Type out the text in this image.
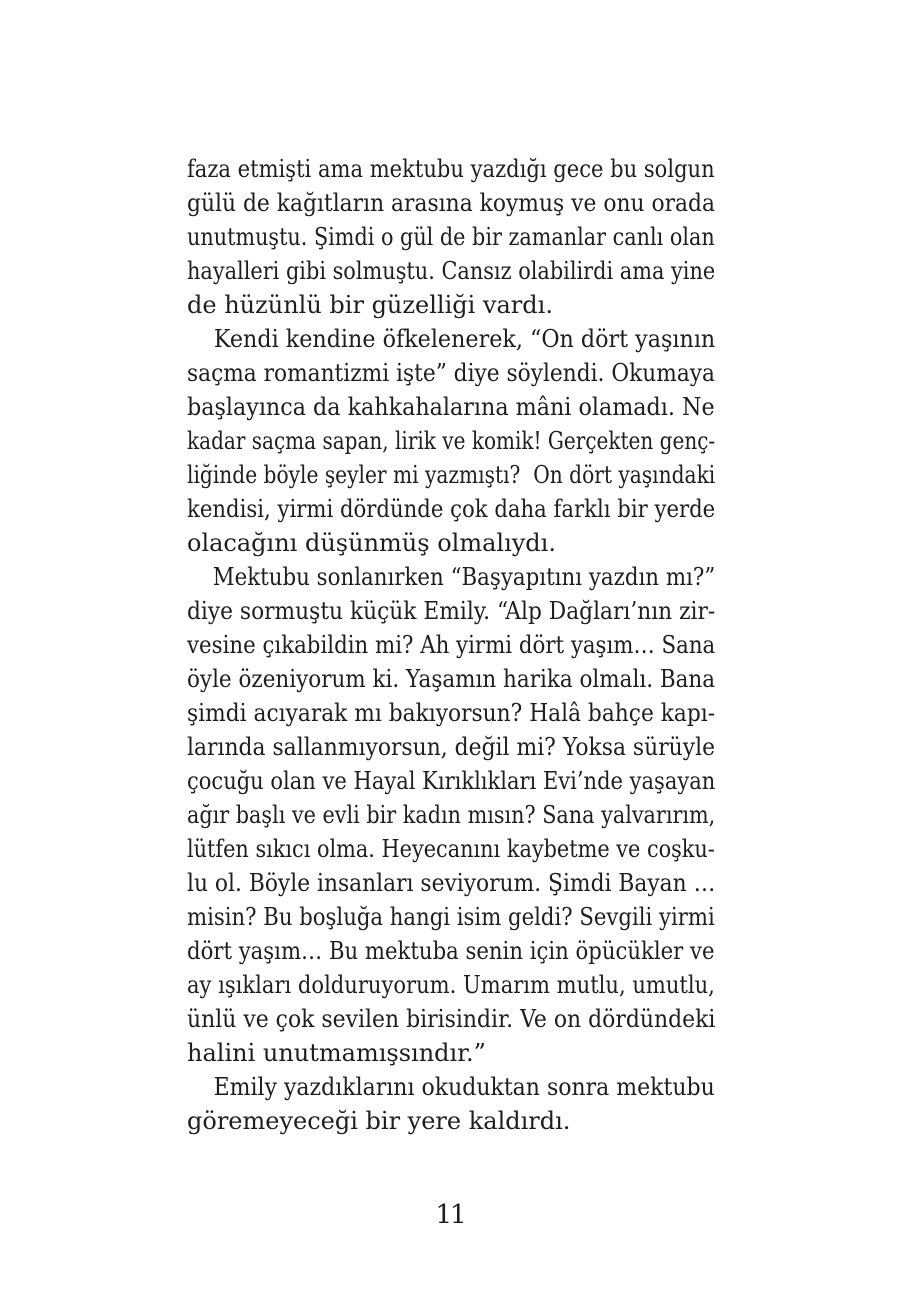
faza etmişti ama mektubu yazdığı gece bu solgun
gülü de kağıtların arasına koymuş ve onu orada
unutmuştu. Şimdi o gül de bir zamanlar canlı olan
hayalleri gibi solmuştu. Cansız olabilirdi ama yine
de hüzünlü bir güzelliği vardı.
Kendi kendine öfkelenerek, “On dört yaşının
saçma romantizmi işte” diye söylendi. Okumaya
başlayınca da kahkahalarına mâni olamadı. Ne
kadar saçma sapan, lirik ve komik! Gerçekten genç-
liğinde böyle şeyler mi yazmıştı?  On dört yaşındaki
kendisi, yirmi dördünde çok daha farklı bir yerde
olacağını düşünmüş olmalıydı.
Mektubu sonlanırken “Başyapıtını yazdın mı?”
diye sormuştu küçük Emily. “Alp Dağları’nın zir-
vesine çıkabildin mi? Ah yirmi dört yaşım… Sana
öyle özeniyorum ki. Yaşamın harika olmalı. Bana
şimdi acıyarak mı bakıyorsun? Halâ bahçe kapı-
larında sallanmıyorsun, değil mi? Yoksa sürüyle
çocuğu olan ve Hayal Kırıklıkları Evi’nde yaşayan
ağır başlı ve evli bir kadın mısın? Sana yalvarırım,
lütfen sıkıcı olma. Heyecanını kaybetme ve coşku-
lu ol. Böyle insanları seviyorum. Şimdi Bayan …
misin? Bu boşluğa hangi isim geldi? Sevgili yirmi
dört yaşım… Bu mektuba senin için öpücükler ve
ay ışıkları dolduruyorum. Umarım mutlu, umutlu,
ünlü ve çok sevilen birisindir. Ve on dördündeki
halini unutmamışsındır.”
Emily yazdıklarını okuduktan sonra mektubu
göremeyeceği bir yere kaldırdı.
11
